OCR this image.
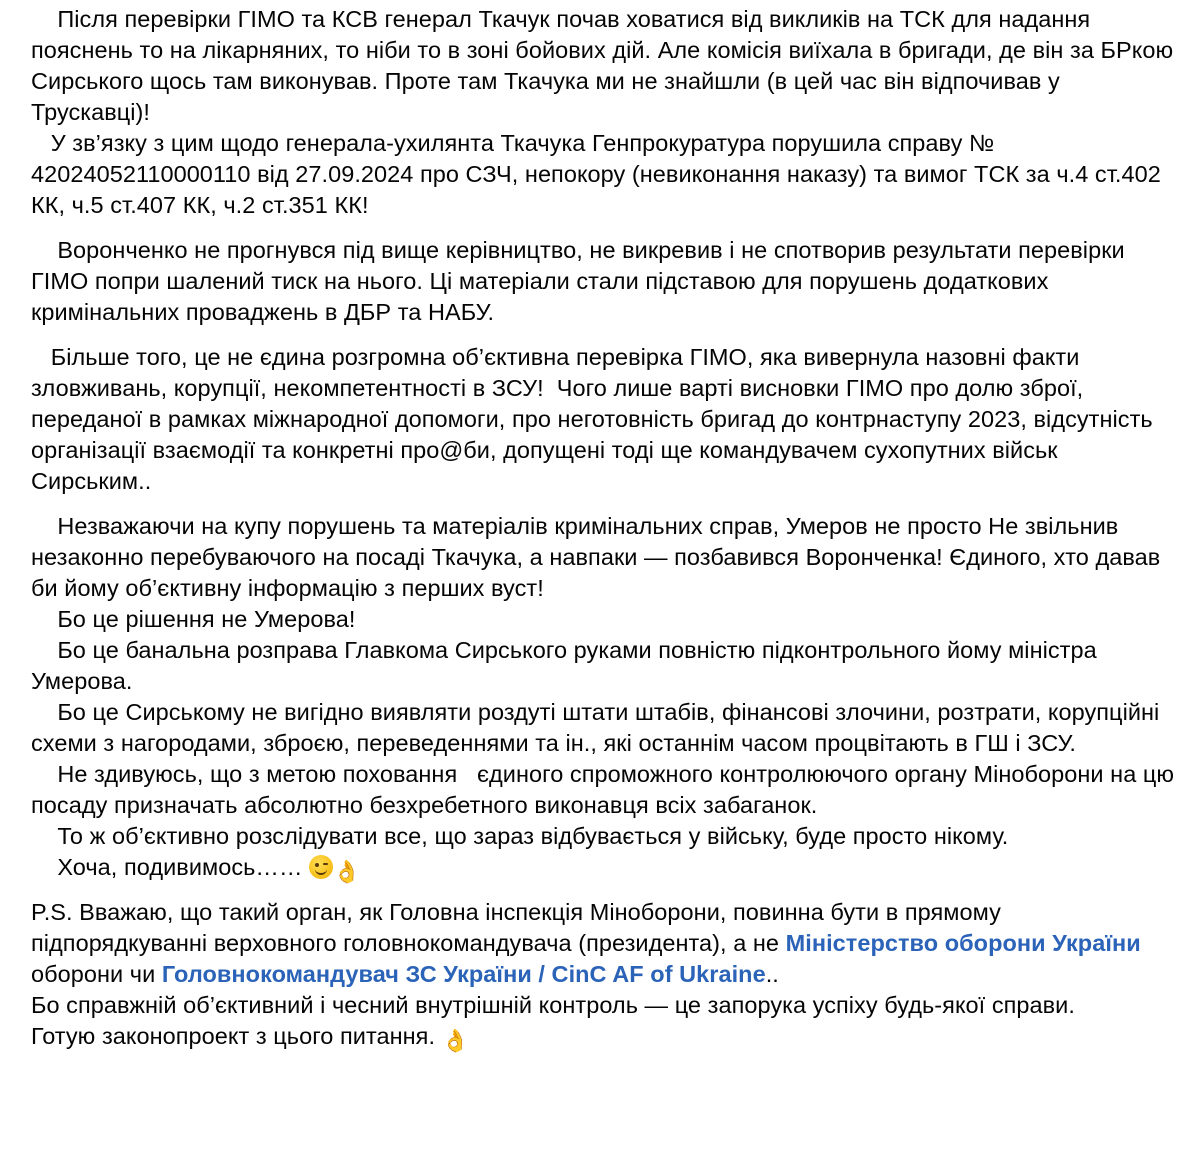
Після перевірки ГІМО та КСВ генерал Ткачук почав ховатися від викликів на ТСК для надання пояснень то на лікарняних, то ніби то в зоні бойових дій. Але комісія виїхала в бригади, де він за БРкою Сирського щось там виконував. Проте там Ткачука ми не знайшли (в цей час він відпочивав у Трускавці)!

У зв’язку з цим щодо генерала-ухилянта Ткачука Генпрокуратура порушила справу № 42024052110000110 від 27.09.2024 про СЗЧ, непокору (невиконання наказу) та вимог ТСК за ч.4 ст.402 КК, ч.5 ст.407 КК, ч.2 ст.351 КК!

Воронченко не прогнувся під вище керівництво, не викревив і не спотворив результати перевірки ГІМО попри шалений тиск на нього. Ці матеріали стали підставою для порушень додаткових кримінальних проваджень в ДБР та НАБУ.

Більше того, це не єдина розгромна об’єктивна перевірка ГІМО, яка вивернула назовні факти зловживань, корупції, некомпетентності в ЗСУ!  Чого лише варті висновки ГІМО про долю зброї, переданої в рамках міжнародної допомоги, про неготовність бригад до контрнаступу 2023, відсутність організації взаємодії та конкретні про@би, допущені тоді ще командувачем сухопутних військ Сирським..

Незважаючи на купу порушень та матеріалів кримінальних справ, Умеров не просто Не звільнив незаконно перебуваючого на посаді Ткачука, а навпаки — позбавився Воронченка! Єдиного, хто давав би йому об’єктивну інформацію з перших вуст!

Бо це рішення не Умерова!

Бо це банальна розправа Главкома Сирського руками повністю підконтрольного йому міністра Умерова.

Бо це Сирському не вигідно виявляти роздуті штати штабів, фінансові злочини, розтрати, корупційні схеми з нагородами, зброєю, переведеннями та ін., які останнім часом процвітають в ГШ і ЗСУ.

Не здивуюсь, що з метою поховання   єдиного спроможного контролюючого органу Міноборони на цю посаду призначать абсолютно безхребетного виконавця всіх забаганок.

То ж об’єктивно розслідувати все, що зараз відбувається у війську, буде просто нікому.

Хоча, подивимось…… 👌

P.S. Вважаю, що такий орган, як Головна інспекція Міноборони, повинна бути в прямому підпорядкуванні верховного головнокомандувача (президента), а не Міністерство оборони України оборони чи Головнокомандувач ЗС України / CinC AF of Ukraine..

Бо справжній об’єктивний і чесний внутрішній контроль — це запорука успіху будь-якої справи.

Готую законопроект з цього питання. 👌
